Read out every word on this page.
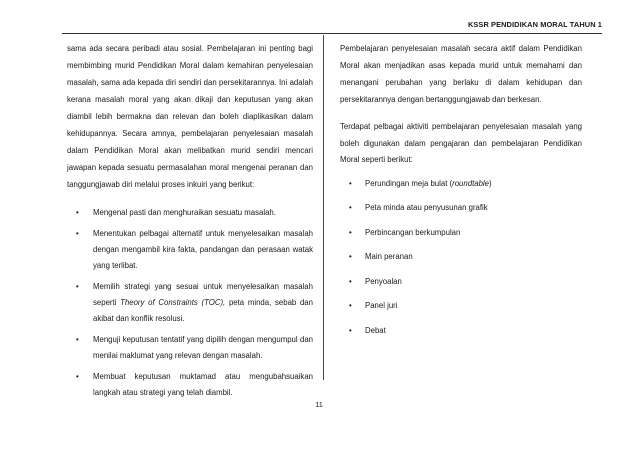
KSSR PENDIDIKAN MORAL TAHUN 1

sama ada secara peribadi atau sosial. Pembelajaran ini penting bagi membimbing murid Pendidikan Moral dalam kemahiran penyelesaian masalah, sama ada kepada diri sendiri dan persekitarannya. Ini adalah kerana masalah moral yang akan dikaji dan keputusan yang akan diambil lebih bermakna dan relevan dan boleh diaplikasikan dalam kehidupannya. Secara amnya, pembelajaran penyelesaian masalah dalam Pendidikan Moral akan melibatkan murid sendiri mencari jawapan kepada sesuatu permasalahan moral mengenai peranan dan tanggungjawab diri melalui proses inkuiri yang berikut:

• Mengenal pasti dan menghuraikan sesuatu masalah.
• Menentukan pelbagai alternatif untuk menyelesaikan masalah dengan mengambil kira fakta, pandangan dan perasaan watak yang terlibat.
• Memilih strategi yang sesuai untuk menyelesaikan masalah seperti Theory of Constraints (TOC), peta minda, sebab dan akibat dan konflik resolusi.
• Menguji keputusan tentatif yang dipilih dengan mengumpul dan menilai maklumat yang relevan dengan masalah.
• Membuat keputusan muktamad atau mengubahsuaikan langkah atau strategi yang telah diambil.

Pembelajaran penyelesaian masalah secara aktif dalam Pendidikan Moral akan menjadikan asas kepada murid untuk memahami dan menangani perubahan yang berlaku di dalam kehidupan dan persekitarannya dengan bertanggungjawab dan berkesan.

Terdapat pelbagai aktiviti pembelajaran penyelesaian masalah yang boleh digunakan dalam pengajaran dan pembelajaran Pendidikan Moral seperti berikut:

• Perundingan meja bulat (roundtable)
• Peta minda atau penyusunan grafik
• Perbincangan berkumpulan
• Main peranan
• Penyoalan
• Panel juri
• Debat
11
